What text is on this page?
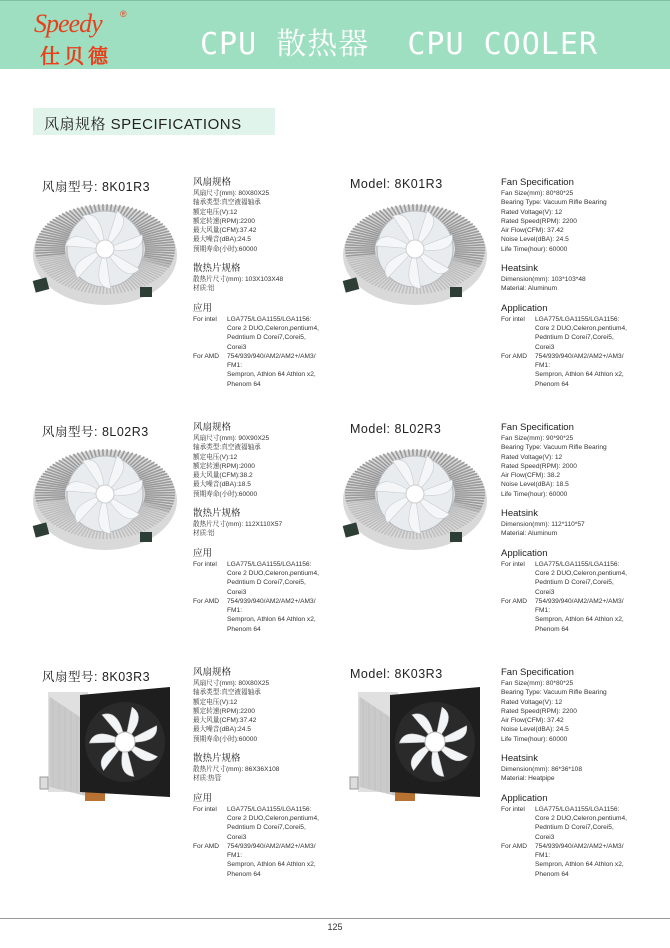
Speedy ®
仕贝德	CPU 散热器  CPU COOLER
风扇规格 SPECIFICATIONS
风扇型号: 8K01R3	Model: 8K01R3
风扇规格
风扇尺寸(mm): 80X80X25
轴承类型:真空液福轴承
额定电压(V):12
额定转速(RPM):2200
最大风量(CFM):37.42
最大噪音(dBA):24.5
预期寿命(小时):60000
散热片规格
散热片尺寸(mm): 103X103X48
材质:铝
应用
For intel	LGA775/LGA1155/LGA1156:
Core 2 DUO,Celeron,pentium4,
Pedntium D Corei7,Corei5,
Corei3
For AMD	754/939/940/AM2/AM2+/AM3/
FM1:
Sempron, Athlon 64 Athlon x2,
Phenom 64
Fan Specification
Fan Size(mm): 80*80*25
Bearing Type: Vacuum Rifle Bearing
Rated Voltage(V): 12
Rated Speed(RPM): 2200
Air Flow(CFM): 37.42
Noise Level(dBA): 24.5
Life Time(hour): 60000
Heatsink
Dimension(mm): 103*103*48
Material: Aluminum
Application
For intel	LGA775/LGA1155/LGA1156:
Core 2 DUO,Celeron,pentium4,
Pedntium D Corei7,Corei5,
Corei3
For AMD	754/939/940/AM2/AM2+/AM3/
FM1:
Sempron, Athlon 64 Athlon x2,
Phenom 64
风扇型号: 8L02R3	Model: 8L02R3
风扇规格
风扇尺寸(mm): 90X90X25
轴承类型:真空液福轴承
额定电压(V):12
额定转速(RPM):2000
最大风量(CFM):38.2
最大噪音(dBA):18.5
预期寿命(小时):60000
散热片规格
散热片尺寸(mm): 112X110X57
材质:铝
应用
For intel	LGA775/LGA1155/LGA1156:
Core 2 DUO,Celeron,pentium4,
Pedntium D Corei7,Corei5,
Corei3
For AMD	754/939/940/AM2/AM2+/AM3/
FM1:
Sempron, Athlon 64 Athlon x2,
Phenom 64
Fan Specification
Fan Size(mm): 90*90*25
Bearing Type: Vacuum Rifle Bearing
Rated Voltage(V): 12
Rated Speed(RPM): 2000
Air Flow(CFM): 38.2
Noise Level(dBA): 18.5
Life Time(hour): 60000
Heatsink
Dimension(mm): 112*110*57
Material: Aluminum
Application
For intel	LGA775/LGA1155/LGA1156:
Core 2 DUO,Celeron,pentium4,
Pedntium D Corei7,Corei5,
Corei3
For AMD	754/939/940/AM2/AM2+/AM3/
FM1:
Sempron, Athlon 64 Athlon x2,
Phenom 64
风扇型号: 8K03R3	Model: 8K03R3
风扇规格
风扇尺寸(mm): 80X80X25
轴承类型:真空液福轴承
额定电压(V):12
额定转速(RPM):2200
最大风量(CFM):37.42
最大噪音(dBA):24.5
预期寿命(小时):60000
散热片规格
散热片尺寸(mm): 86X36X108
材质:热管
应用
For intel	LGA775/LGA1155/LGA1156:
Core 2 DUO,Celeron,pentium4,
Pedntium D Corei7,Corei5,
Corei3
For AMD	754/939/940/AM2/AM2+/AM3/
FM1:
Sempron, Athlon 64 Athlon x2,
Phenom 64
Fan Specification
Fan Size(mm): 80*80*25
Bearing Type: Vacuum Rifle Bearing
Rated Voltage(V): 12
Rated Speed(RPM): 2200
Air Flow(CFM): 37.42
Noise Level(dBA): 24.5
Life Time(hour): 60000
Heatsink
Dimension(mm): 86*36*108
Material: Heatpipe
Application
For intel	LGA775/LGA1155/LGA1156:
Core 2 DUO,Celeron,pentium4,
Pedntium D Corei7,Corei5,
Corei3
For AMD	754/939/940/AM2/AM2+/AM3/
FM1:
Sempron, Athlon 64 Athlon x2,
Phenom 64
125
